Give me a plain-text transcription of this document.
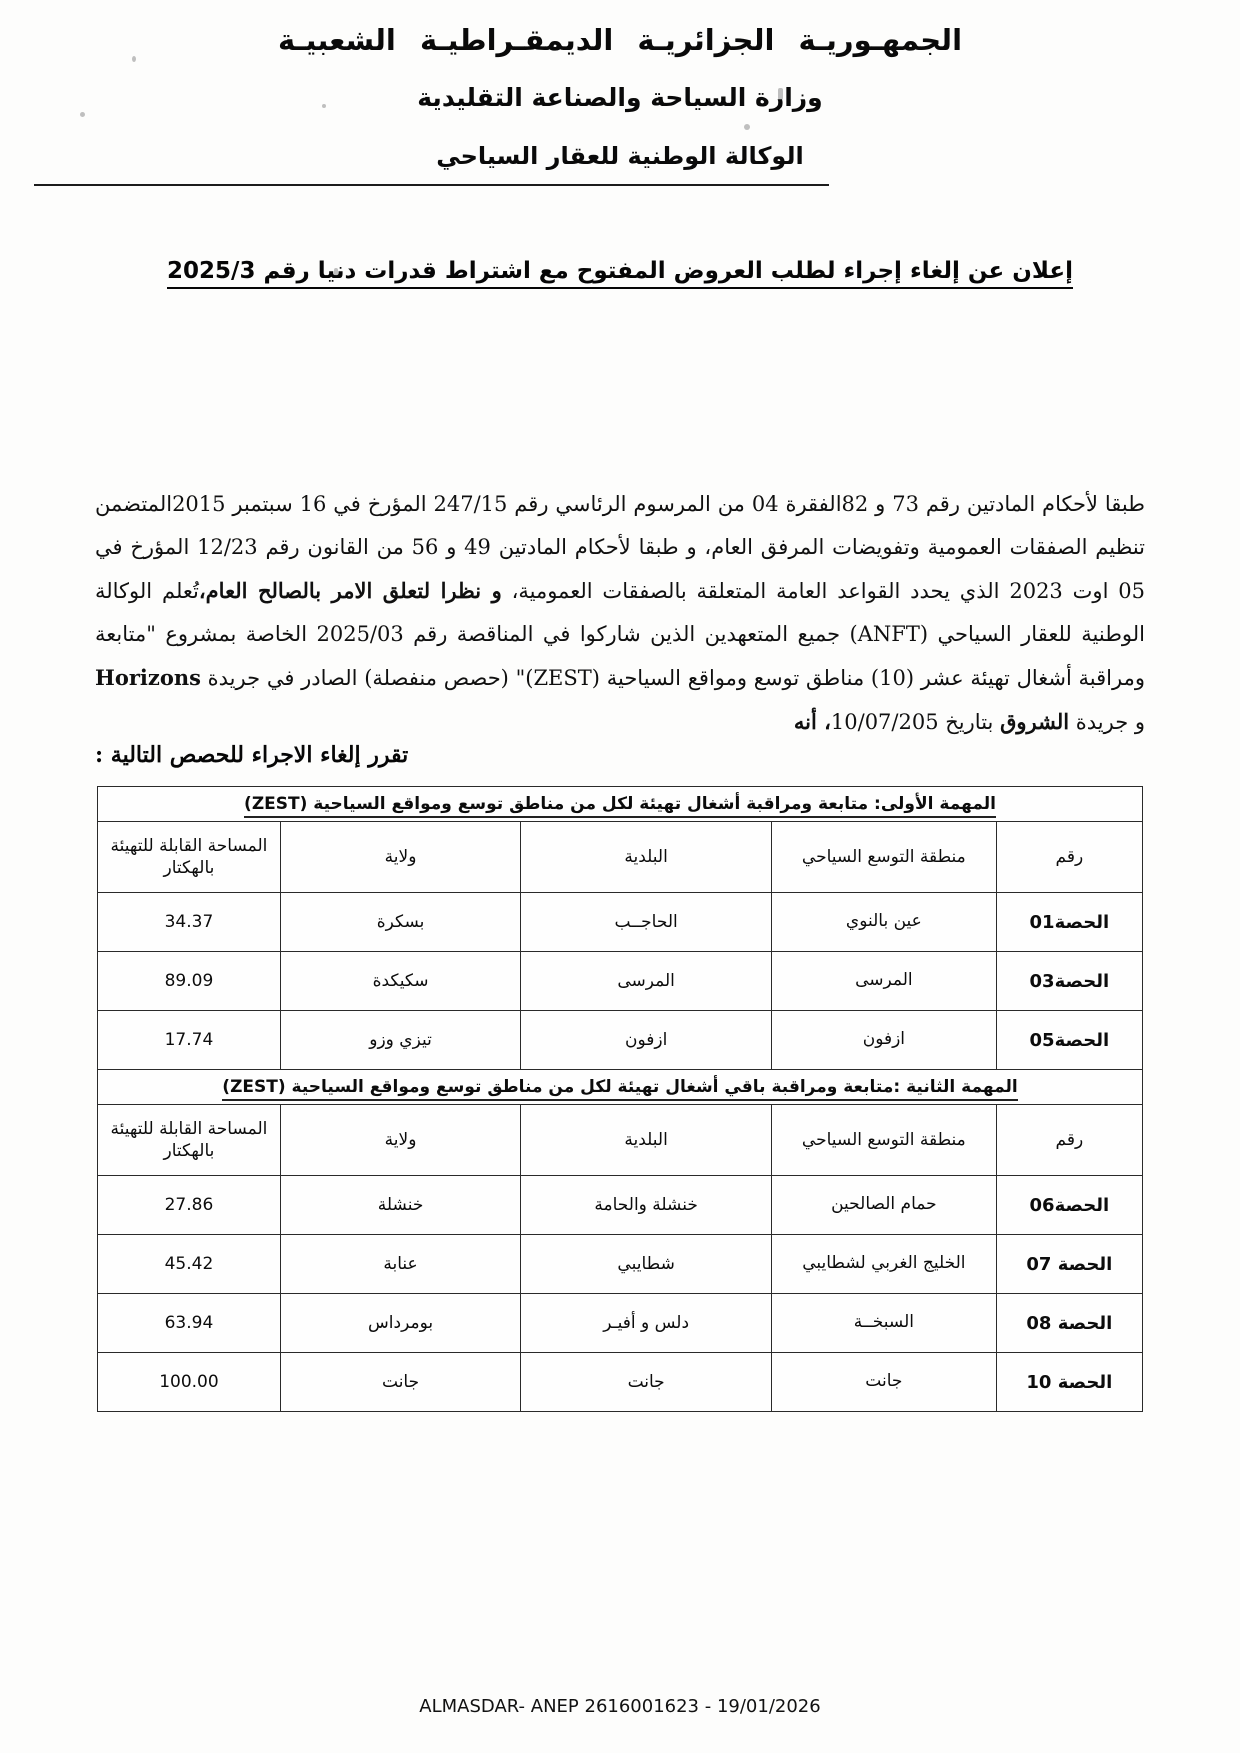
الجمهـوريـة الجزائريـة الديمقـراطيـة الشعبيـة
وزارة السياحة والصناعة التقليدية
الوكالة الوطنية للعقار السياحي
إعلان عن إلغاء إجراء لطلب العروض المفتوح مع اشتراط قدرات دنيا رقم 2025/3
طبقا لأحكام المادتين رقم 73 و 82الفقرة 04 من المرسوم الرئاسي رقم 247/15 المؤرخ في 16 سبتمبر 2015المتضمن تنظيم الصفقات العمومية وتفويضات المرفق العام، و طبقا لأحكام المادتين 49 و 56 من القانون رقم 12/23 المؤرخ في 05 اوت 2023 الذي يحدد القواعد العامة المتعلقة بالصفقات العمومية، و نظرا لتعلق الامر بالصالح العام،تُعلم الوكالة الوطنية للعقار السياحي (ANFT) جميع المتعهدين الذين شاركوا في المناقصة رقم 2025/03 الخاصة بمشروع "متابعة ومراقبة أشغال تهيئة عشر (10) مناطق توسع ومواقع السياحية (ZEST)" (حصص منفصلة) الصادر في جريدة Horizons و جريدة الشروق بتاريخ 10/07/205، أنه
تقرر إلغاء الاجراء للحصص التالية :
المهمة الأولى: متابعة ومراقبة أشغال تهيئة لكل من مناطق توسع ومواقع السياحية (ZEST)				
رقم	منطقة التوسع السياحي	البلدية	ولاية	المساحة القابلة للتهيئة بالهكتار
الحصة01	عين بالنوي	الحاجــب	بسكرة	34.37
الحصة03	المرسى	المرسى	سكيكدة	89.09
الحصة05	ازفون	ازفون	تيزي وزو	17.74
المهمة الثانية :متابعة ومراقبة باقي أشغال تهيئة لكل من مناطق توسع ومواقع السياحية (ZEST)				
رقم	منطقة التوسع السياحي	البلدية	ولاية	المساحة القابلة للتهيئة بالهكتار
الحصة06	حمام الصالحين	خنشلة والحامة	خنشلة	27.86
الحصة 07	الخليج الغربي لشطايبي	شطايبي	عنابة	45.42
الحصة 08	السبخــة	دلس و أفيـر	بومرداس	63.94
الحصة 10	جانت	جانت	جانت	100.00
ALMASDAR- ANEP 2616001623 - 19/01/2026
